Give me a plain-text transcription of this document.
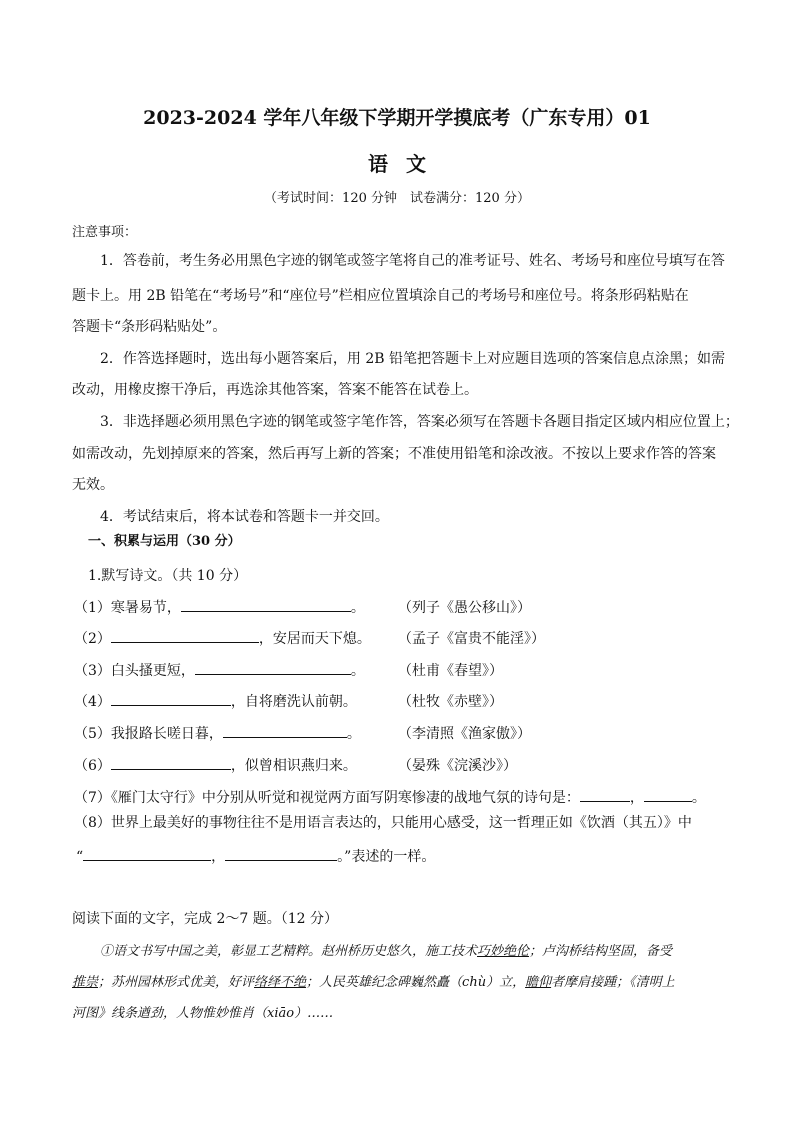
2023-2024 学年八年级下学期开学摸底考（广东专用）01
语文
（考试时间：120 分钟　试卷满分：120 分）
注意事项：
1．答卷前，考生务必用黑色字迹的钢笔或签字笔将自己的准考证号、姓名、考场号和座位号填写在答
题卡上。用 2B 铅笔在“考场号”和“座位号”栏相应位置填涂自己的考场号和座位号。将条形码粘贴在
答题卡“条形码粘贴处”。
2．作答选择题时，选出每小题答案后，用 2B 铅笔把答题卡上对应题目选项的答案信息点涂黑；如需
改动，用橡皮擦干净后，再选涂其他答案，答案不能答在试卷上。
3．非选择题必须用黑色字迹的钢笔或签字笔作答，答案必须写在答题卡各题目指定区域内相应位置上；
如需改动，先划掉原来的答案，然后再写上新的答案；不准使用铅笔和涂改液。不按以上要求作答的答案
无效。
4．考试结束后，将本试卷和答题卡一并交回。
一、积累与运用（30 分）
1.默写诗文。（共 10 分）
（1）寒暑易节，	。 （列子《愚公移山》）
（2）	，安居而天下熄。 （孟子《富贵不能淫》）
（3）白头搔更短，	。 （杜甫《春望》）
（4）	，自将磨洗认前朝。	（杜牧《赤壁》）
（5）我报路长嗟日暮，	。	（李清照《渔家傲》）
（6）	，似曾相识燕归来。	（晏殊《浣溪沙》）
（7）《雁门太守行》中分别从听觉和视觉两方面写阴寒惨凄的战地气氛的诗句是：	，	。
（8）世界上最美好的事物往往不是用语言表达的，只能用心感受，这一哲理正如《饮酒（其五）》中
“	，	。”表述的一样。
阅读下面的文字，完成 2～7 题。（12 分）
①语文书写中国之美，彰显工艺精粹。赵州桥历史悠久，施工技术巧妙绝伦；卢沟桥结构坚固，备受
推崇；苏州园林形式优美，好评络绎不绝；人民英雄纪念碑巍然矗（chù）立，瞻仰者摩肩接踵；《清明上
河图》线条遒劲，人物惟妙惟肖（xiāo）……
